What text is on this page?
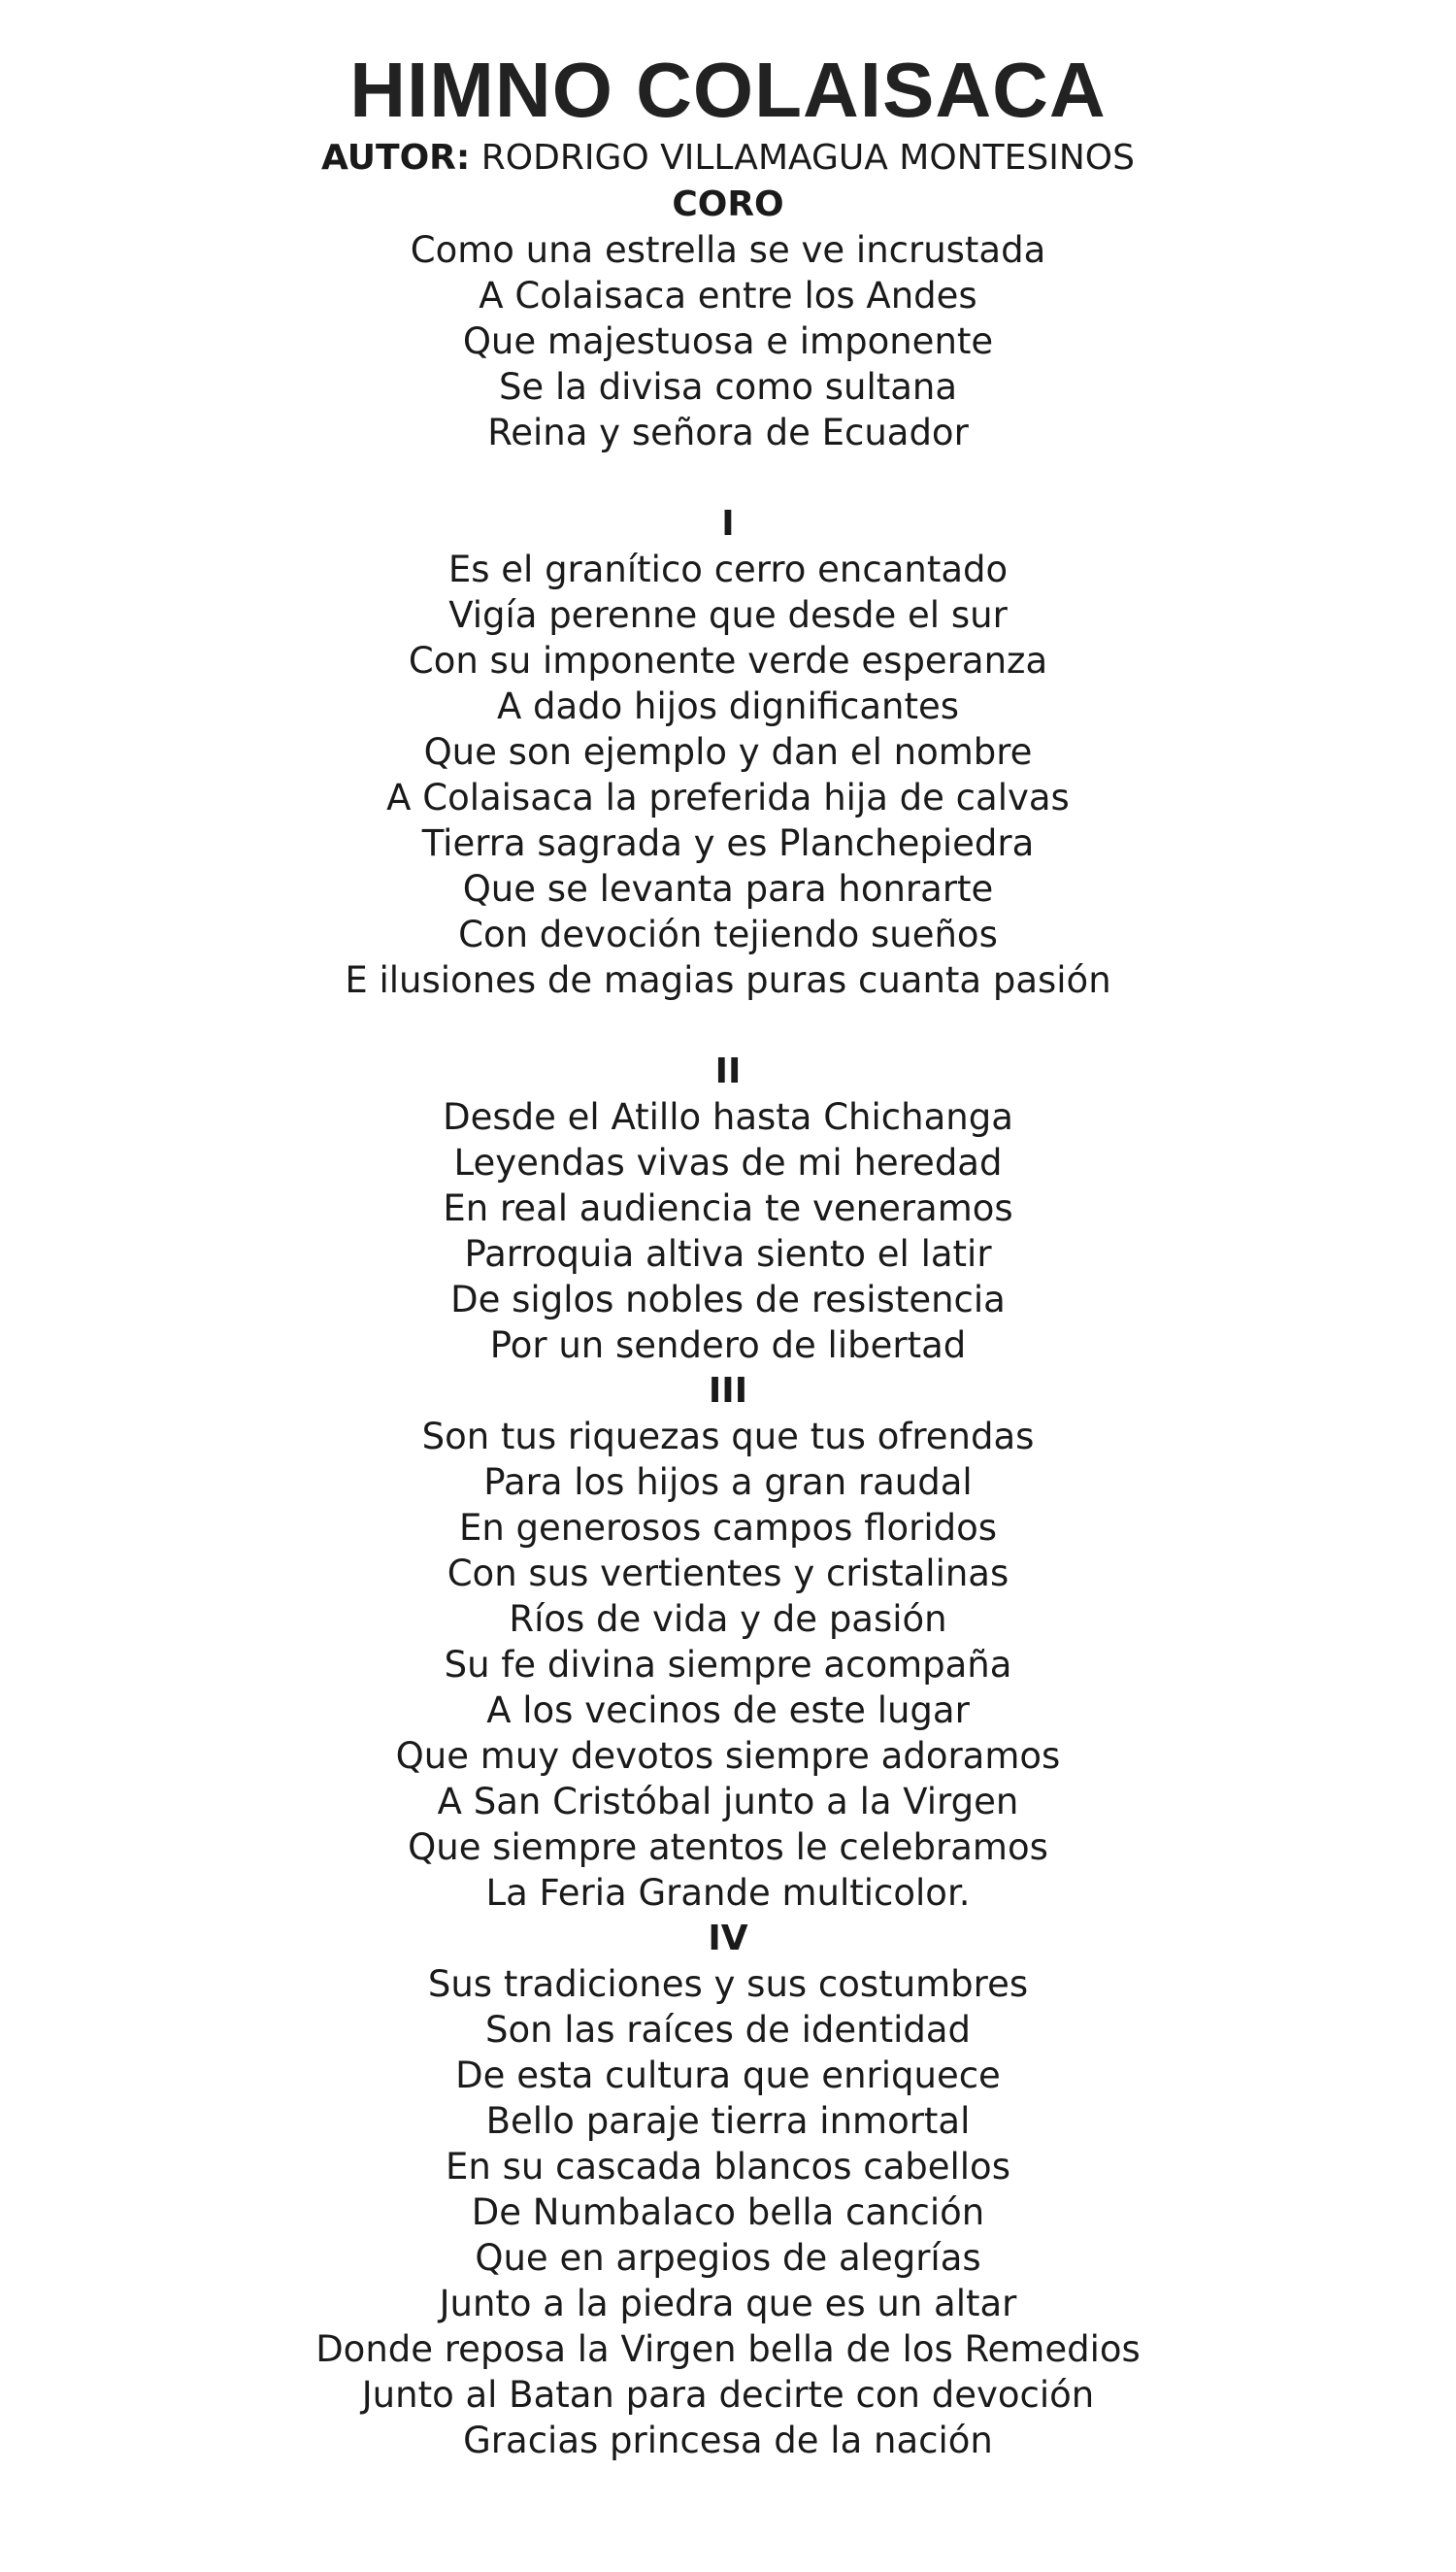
HIMNO COLAISACA
AUTOR: RODRIGO VILLAMAGUA MONTESINOS
CORO
Como una estrella se ve incrustada
A Colaisaca entre los Andes
Que majestuosa e imponente
Se la divisa como sultana
Reina y señora de Ecuador
I
Es el granítico cerro encantado
Vigía perenne que desde el sur
Con su imponente verde esperanza
A dado hijos dignificantes
Que son ejemplo y dan el nombre
A Colaisaca la preferida hija de calvas
Tierra sagrada y es Planchepiedra
Que se levanta para honrarte
Con devoción tejiendo sueños
E ilusiones de magias puras cuanta pasión
II
Desde el Atillo hasta Chichanga
Leyendas vivas de mi heredad
En real audiencia te veneramos
Parroquia altiva siento el latir
De siglos nobles de resistencia
Por un sendero de libertad
III
Son tus riquezas que tus ofrendas
Para los hijos a gran raudal
En generosos campos floridos
Con sus vertientes y cristalinas
Ríos de vida y de pasión
Su fe divina siempre acompaña
A los vecinos de este lugar
Que muy devotos siempre adoramos
A San Cristóbal junto a la Virgen
Que siempre atentos le celebramos
La Feria Grande multicolor.
IV
Sus tradiciones y sus costumbres
Son las raíces de identidad
De esta cultura que enriquece
Bello paraje tierra inmortal
En su cascada blancos cabellos
De Numbalaco bella canción
Que en arpegios de alegrías
Junto a la piedra que es un altar
Donde reposa la Virgen bella de los Remedios
Junto al Batan para decirte con devoción
Gracias princesa de la nación
